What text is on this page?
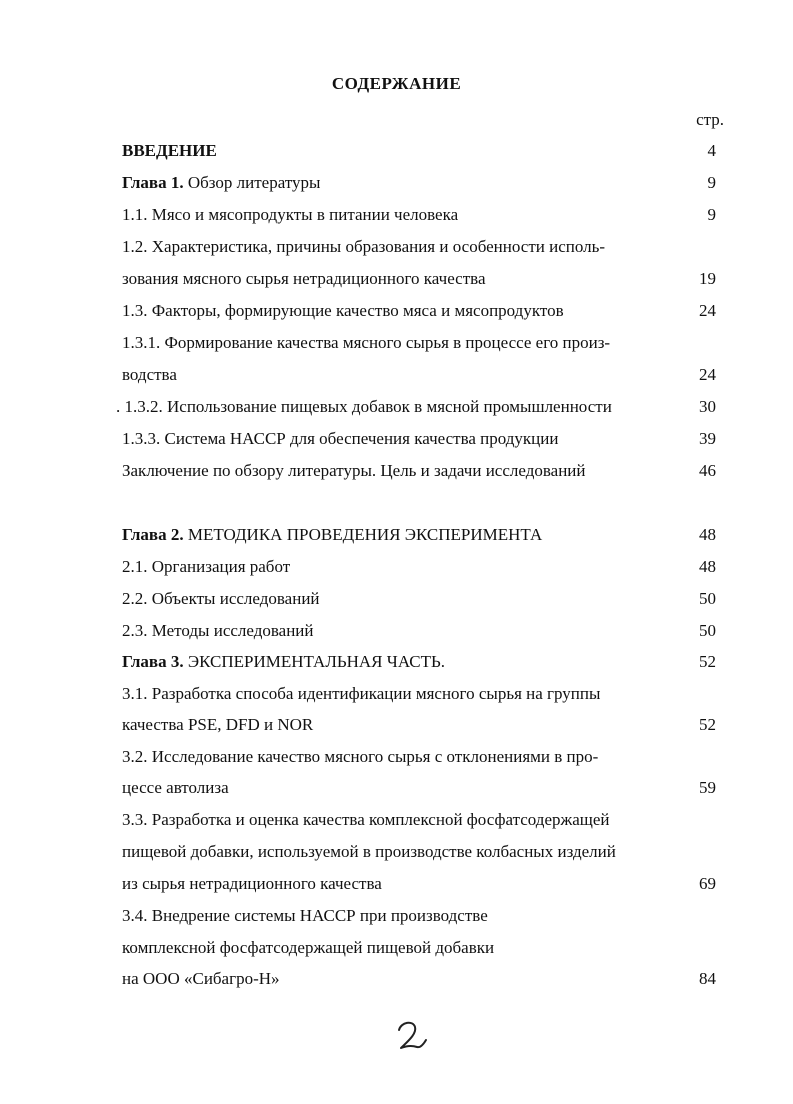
СОДЕРЖАНИЕ
стр.
ВВЕДЕНИЕ	4
Глава 1. Обзор литературы	9
1.1. Мясо и мясопродукты в питании человека	9
1.2. Характеристика, причины образования и особенности исполь-
зования мясного сырья нетрадиционного качества	19
1.3. Факторы, формирующие качество мяса и мясопродуктов	24
1.3.1. Формирование качества мясного сырья в процессе его произ-
водства	24
. 1.3.2. Использование пищевых добавок в мясной промышленности	30
1.3.3. Система НАССР для обеспечения качества продукции	39
Заключение по обзору литературы. Цель и задачи исследований	46
Глава 2. МЕТОДИКА ПРОВЕДЕНИЯ ЭКСПЕРИМЕНТА	48
2.1. Организация работ	48
2.2. Объекты исследований	50
2.3. Методы исследований	50
Глава 3. ЭКСПЕРИМЕНТАЛЬНАЯ ЧАСТЬ.	52
3.1. Разработка способа идентификации мясного сырья на группы
качества PSE, DFD и NOR	52
3.2. Исследование качество мясного сырья с отклонениями в про-
цессе автолиза	59
3.3. Разработка и оценка качества комплексной фосфатсодержащей
пищевой добавки, используемой в производстве колбасных изделий
из сырья нетрадиционного качества	69
3.4. Внедрение системы НАССР при производстве
комплексной фосфатсодержащей пищевой добавки
на ООО «Сибагро-Н»	84
